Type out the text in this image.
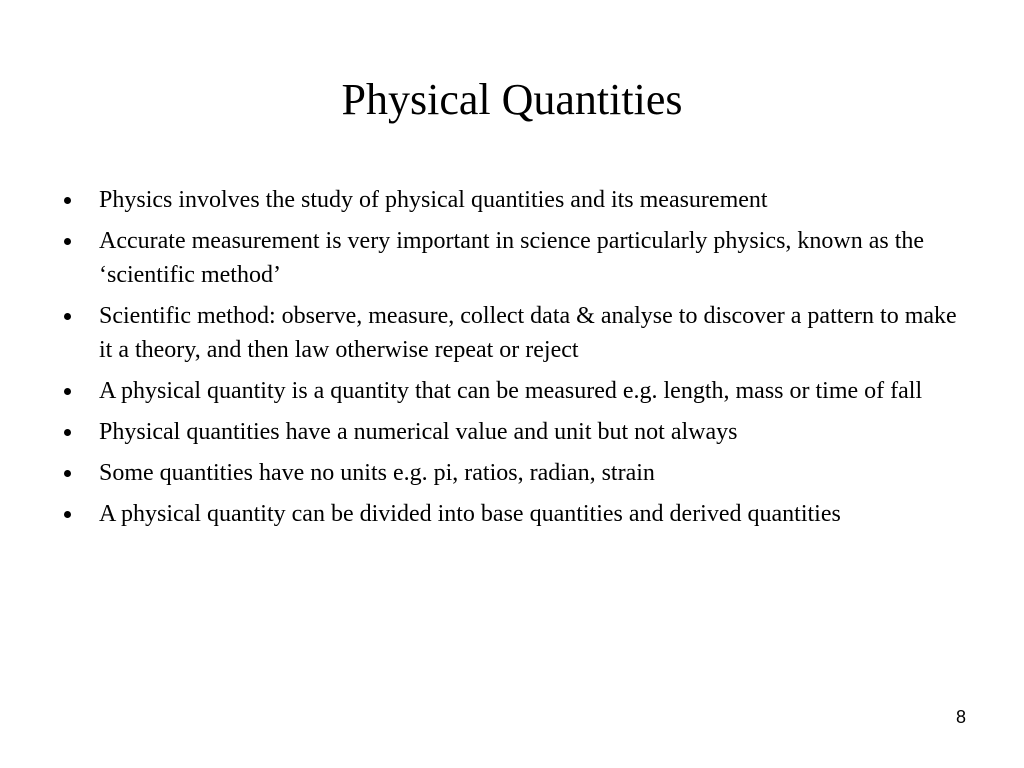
Physical Quantities
Physics involves the study of physical quantities and its measurement
Accurate measurement is very important in science particularly physics, known as the ‘scientific method’
Scientific method: observe, measure, collect data & analyse to discover a pattern to make it a theory, and then law otherwise repeat or reject
A physical quantity is a quantity that can be measured e.g. length, mass or time of fall
Physical quantities have a numerical value and unit but not always
Some quantities have no units e.g. pi, ratios, radian, strain
A physical quantity can be divided into base quantities and derived quantities
8
